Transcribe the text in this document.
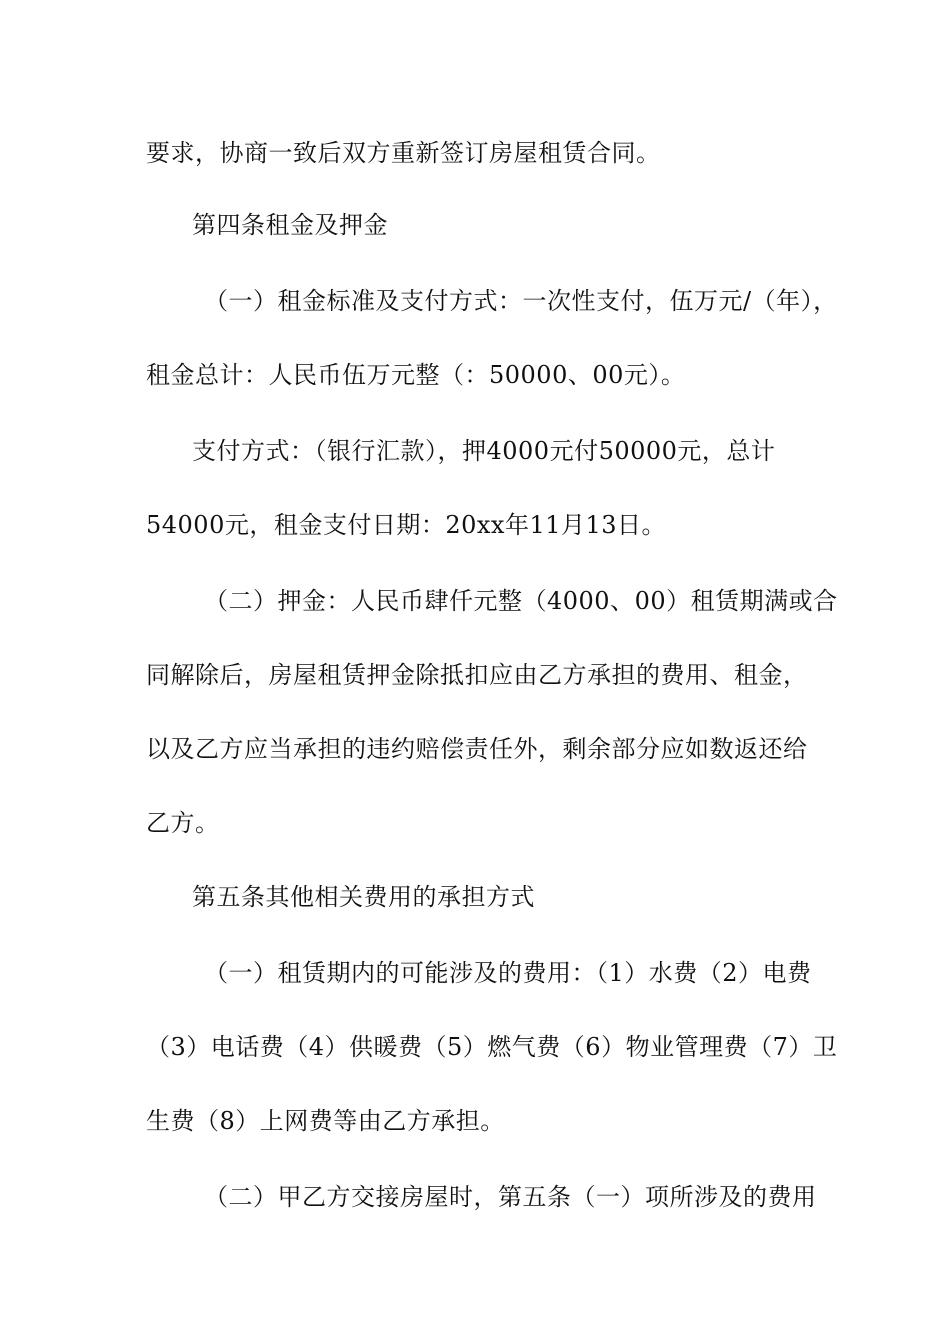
要求，协商一致后双方重新签订房屋租赁合同。
第四条租金及押金
（一）租金标准及支付方式：一次性支付，伍万元/（年），
租金总计：人民币伍万元整（：50000、00元）。
支付方式：（银行汇款），押4000元付50000元，总计
54000元，租金支付日期：20xx年11月13日。
（二）押金：人民币肆仟元整（4000、00）租赁期满或合
同解除后，房屋租赁押金除抵扣应由乙方承担的费用、租金，
以及乙方应当承担的违约赔偿责任外，剩余部分应如数返还给
乙方。
第五条其他相关费用的承担方式
（一）租赁期内的可能涉及的费用：（1）水费（2）电费
（3）电话费（4）供暖费（5）燃气费（6）物业管理费（7）卫
生费（8）上网费等由乙方承担。
（二）甲乙方交接房屋时，第五条（一）项所涉及的费用
